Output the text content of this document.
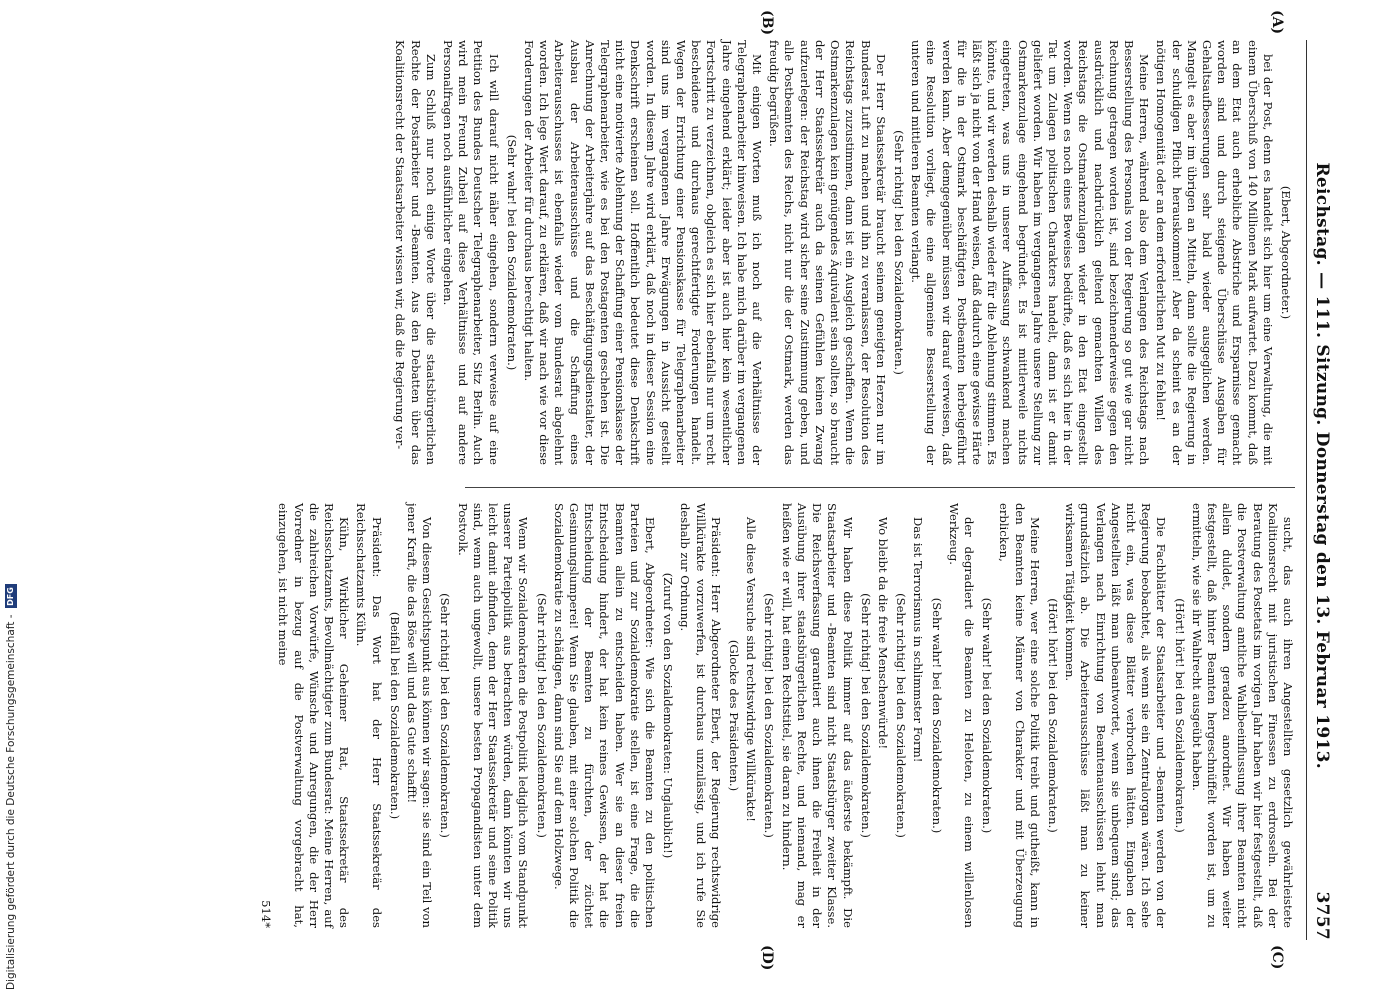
Reichstag. — 111. Sitzung. Donnerstag den 13. Februar 1913.
3757
(A)
(B)
(C)
(D)

(Ebert, Abgeordneter.)

bei der Post, denn es handelt sich hier um eine Verwaltung, die mit einem Überschuß von 140 Millionen Mark aufwartet. Dazu kommt, daß an dem Etat auch erhebliche Abstriche und Ersparnisse gemacht worden sind und durch steigende Überschüsse Ausgaben für Gehaltsaufbesserungen sehr bald wieder ausgeglichen werden. Mangelt es aber im übrigen an Mitteln, dann sollte die Regierung in der schuldigen Pflicht herauskommen! Aber da scheint es an der nötigen Homogenität oder an dem erforderlichen Mut zu fehlen!

Meine Herren, während also dem Verlangen des Reichstags nach Besserstellung des Personals von der Regierung so gut wie gar nicht Rechnung getragen worden ist, sind bezeichnenderweise gegen den ausdrücklich und nachdrücklich geltend gemachten Willen des Reichstags die Ostmarkenzulagen wieder in den Etat eingestellt worden. Wenn es noch eines Beweises bedürfte, daß es sich hier in der Tat um Zulagen politischen Charakters handelt, dann ist er damit geliefert worden. Wir haben im vergangenen Jahre unsere Stellung zur Ostmarkenzulage eingehend begründet. Es ist mittlerweile nichts eingetreten, was uns in unserer Auffassung schwankend machen könnte, und wir werden deshalb wieder für die Ablehnung stimmen. Es läßt sich ja nicht von der Hand weisen, daß dadurch eine gewisse Härte für die in der Ostmark beschäftigten Postbeamten herbeigeführt werden kann. Aber demgegenüber müssen wir darauf verweisen, daß eine Resolution vorliegt, die eine allgemeine Besserstellung der unteren und mittleren Beamten verlangt.

(Sehr richtig! bei den Sozialdemokraten.)

Der Herr Staatssekretär braucht seinem geneigten Herzen nur im Bundesrat Luft zu machen und ihn zu veranlassen, der Resolution des Reichstags zuzustimmen, dann ist ein Ausgleich geschaffen. Wenn die Ostmarkenzulagen kein genügendes Äquivalent sein sollten, so braucht der Herr Staatssekretär auch da seinen Gefühlen keinen Zwang aufzuerlegen: der Reichstag wird sicher seine Zustimmung geben, und alle Postbeamten des Reichs, nicht nur die der Ostmark, werden das freudig begrüßen.

Mit einigen Worten muß ich noch auf die Verhältnisse der Telegraphenarbeiter hinweisen. Ich habe mich darüber im vergangenen Jahre eingehend erklärt; leider aber ist auch hier kein wesentlicher Fortschritt zu verzeichnen, obgleich es sich hier ebenfalls nur um recht bescheidene und durchaus gerechtfertigte Forderungen handelt. Wegen der Errichtung einer Pensionskasse für Telegraphenarbeiter sind uns im vergangenen Jahre Erwägungen in Aussicht gestellt worden. In diesem Jahre wird erklärt, daß noch in dieser Session eine Denkschrift erscheinen soll. Hoffentlich bedeutet diese Denkschrift nicht eine motivierte Ablehnung der Schaffung einer Pensionskasse der Telegraphenarbeiter, wie es bei den Postagenten geschehen ist. Die Anrechnung der Arbeiterjahre auf das Beschäftigungsdienstalter, der Ausbau der Arbeiterausschüsse und die Schaffung eines Arbeiterausschusses ist ebenfalls wieder vom Bundesrat abgelehnt worden. Ich lege Wert darauf, zu erklären, daß wir nach wie vor diese Forderungen der Arbeiter für durchaus berechtigt halten.

(Sehr wahr! bei den Sozialdemokraten.)

Ich will darauf nicht näher eingehen, sondern verweise auf eine Petition des Bundes Deutscher Telegraphenarbeiter, Sitz Berlin. Auch wird mein Freund Zubeil auf diese Verhältnisse und auf andere Personalfragen noch ausführlicher eingehen.

Zum Schluß nur noch einige Worte über die staatsbürgerlichen Rechte der Postarbeiter und -Beamten. Aus den Debatten über das Koalitionsrecht der Staatsarbeiter wissen wir, daß die Regierung ver-

sucht, das auch ihren Angestellten gesetzlich gewährleistete Koalitionsrecht mit juristischen Finessen zu erdrosseln. Bei der Beratung des Postetats im vorigen Jahr haben wir hier festgestellt, daß die Postverwaltung amtliche Wahlbeeinflussung ihrer Beamten nicht allein duldet, sondern geradezu anordnet. Wir haben weiter festgestellt, daß hinter Beamten hergeschnüffelt worden ist, um zu ermitteln, wie sie ihr Wahlrecht ausgeübt haben.

(Hört! hört! bei den Sozialdemokraten.)

Die Fachblätter der Staatsarbeiter und -Beamten werden von der Regierung beobachtet, als wenn sie ein Zentralorgan wären. Ich sehe nicht ein, was diese Blätter verbrochen hätten. Eingaben der Angestellten läßt man unbeantwortet, wenn sie unbequem sind; das Verlangen nach Einrichtung von Beamtenausschüssen lehnt man grundsätzlich ab. Die Arbeiterausschüsse läßt man zu keiner wirksamen Tätigkeit kommen.

(Hört! hört! bei den Sozialdemokraten.)

Meine Herren, wer eine solche Politik treibt und gutheißt, kann in den Beamten keine Männer von Charakter und mit Überzeugung erblicken,

(Sehr wahr! bei den Sozialdemokraten.)

der degradiert die Beamten zu Heloten, zu einem willenlosen Werkzeug.

(Sehr wahr! bei den Sozialdemokraten.)

Das ist Terrorismus in schlimmster Form!

(Sehr richtig! bei den Sozialdemokraten.)

Wo bleibt da die freie Menschenwürde!

(Sehr richtig! bei den Sozialdemokraten.)

Wir haben diese Politik immer auf das äußerste bekämpft. Die Staatsarbeiter und -Beamten sind nicht Staatsbürger zweiter Klasse. Die Reichsverfassung garantiert auch ihnen die Freiheit in der Ausübung ihrer staatsbürgerlichen Rechte, und niemand, mag er heißen wie er will, hat einen Rechtstitel, sie daran zu hindern.

(Sehr richtig! bei den Sozialdemokraten.)

Alle diese Versuche sind rechtswidrige Willkürakte!

(Glocke des Präsidenten.)

Präsident: Herr Abgeordneter Ebert, der Regierung rechtswidrige Willkürakte vorzuwerfen, ist durchaus unzulässig, und ich rufe Sie deshalb zur Ordnung.

(Zuruf von den Sozialdemokraten: Unglaublich!)

Ebert, Abgeordneter: Wie sich die Beamten zu den politischen Parteien und zur Sozialdemokratie stellen, ist eine Frage, die die Beamten allein zu entscheiden haben. Wer sie an dieser freien Entscheidung hindert, der hat kein reines Gewissen, der hat die Entscheidung der Beamten zu fürchten, der züchtet Gesinnungslumperei! Wenn Sie glauben, mit einer solchen Politik die Sozialdemokratie zu schädigen, dann sind Sie auf dem Holzwege.

(Sehr richtig! bei den Sozialdemokraten.)

Wenn wir Sozialdemokraten die Postpolitik lediglich vom Standpunkt unserer Parteipolitik aus betrachten würden, dann könnten wir uns leicht damit abfinden, denn der Herr Staatssekretär und seine Politik sind, wenn auch ungewollt, unsere besten Propagandisten unter dem Postvolk.

(Sehr richtig! bei den Sozialdemokraten.)

Von diesem Gesichtspunkt aus können wir sagen: sie sind ein Teil von jener Kraft, die das Böse will und das Gute schafft!

(Beifall bei den Sozialdemokraten.)

Präsident: Das Wort hat der Herr Staatssekretär des Reichsschatzamts Kühn.

Kühn, Wirklicher Geheimer Rat, Staatssekretär des Reichsschatzamts, Bevollmächtigter zum Bundesrat: Meine Herren, auf die zahlreichen Vorwürfe, Wünsche und Anregungen, die der Herr Vorredner in bezug auf die Postverwaltung vorgebracht hat, einzugehen, ist nicht meine

514*

Digitalisierung gefördert durch die Deutsche Forschungsgemeinschaft -
DFG
